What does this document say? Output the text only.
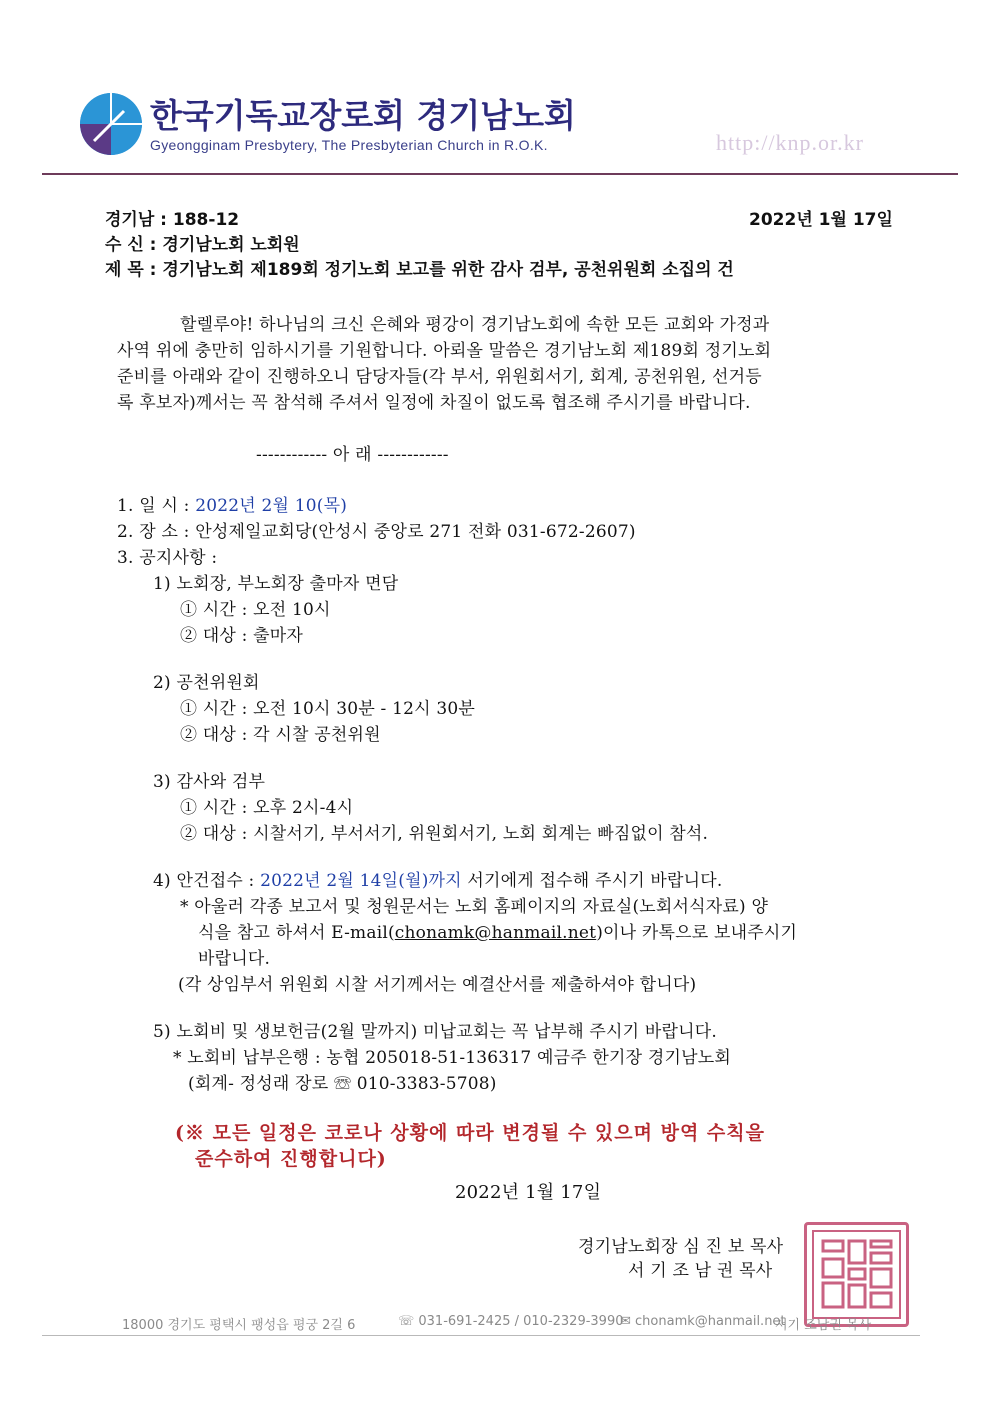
한국기독교장로회 경기남노회
Gyeongginam Presbytery, The Presbyterian Church in R.O.K.	http://knp.or.kr
경기남 : 188-12	2022년 1월 17일
수 신 : 경기남노회 노회원
제 목 : 경기남노회 제189회 정기노회 보고를 위한 감사 검부, 공천위원회 소집의 건
할렐루야! 하나님의 크신 은혜와 평강이 경기남노회에 속한 모든 교회와 가정과
사역 위에 충만히 임하시기를 기원합니다. 아뢰올 말씀은 경기남노회 제189회 정기노회
준비를 아래와 같이 진행하오니 담당자들(각 부서, 위원회서기, 회계, 공천위원, 선거등
록 후보자)께서는 꼭 참석해 주셔서 일정에 차질이 없도록 협조해 주시기를 바랍니다.
------------ 아 래 ------------
1. 일 시 : 2022년 2월 10(목)
2. 장 소 : 안성제일교회당(안성시 중앙로 271 전화 031-672-2607)
3. 공지사항 :
1) 노회장, 부노회장 출마자 면담
① 시간 : 오전 10시
② 대상 : 출마자
2) 공천위원회
① 시간 : 오전 10시 30분 - 12시 30분
② 대상 : 각 시찰 공천위원
3) 감사와 검부
① 시간 : 오후 2시-4시
② 대상 : 시찰서기, 부서서기, 위원회서기, 노회 회계는 빠짐없이 참석.
4) 안건접수 : 2022년 2월 14일(월)까지 서기에게 접수해 주시기 바랍니다.
* 아울러 각종 보고서 및 청원문서는 노회 홈페이지의 자료실(노회서식자료) 양
식을 참고 하셔서 E-mail(chonamk@hanmail.net)이나 카톡으로 보내주시기
바랍니다.
(각 상임부서 위원회 시찰 서기께서는 예결산서를 제출하셔야 합니다)
5) 노회비 및 생보헌금(2월 말까지) 미납교회는 꼭 납부해 주시기 바랍니다.
* 노회비 납부은행 : 농협 205018-51-136317 예금주 한기장 경기남노회
(회계- 정성래 장로 ☏ 010-3383-5708)
(※ 모든 일정은 코로나 상황에 따라 변경될 수 있으며 방역 수칙을
준수하여 진행합니다)
2022년 1월 17일
경기남노회장 심 진 보 목사
서 기 조 남 권 목사
18000 경기도 평택시 팽성읍 평궁 2길 6	☏ 031-691-2425 / 010-2329-3990
✉ chonamk@hanmail.net
서기 조남권 목사
